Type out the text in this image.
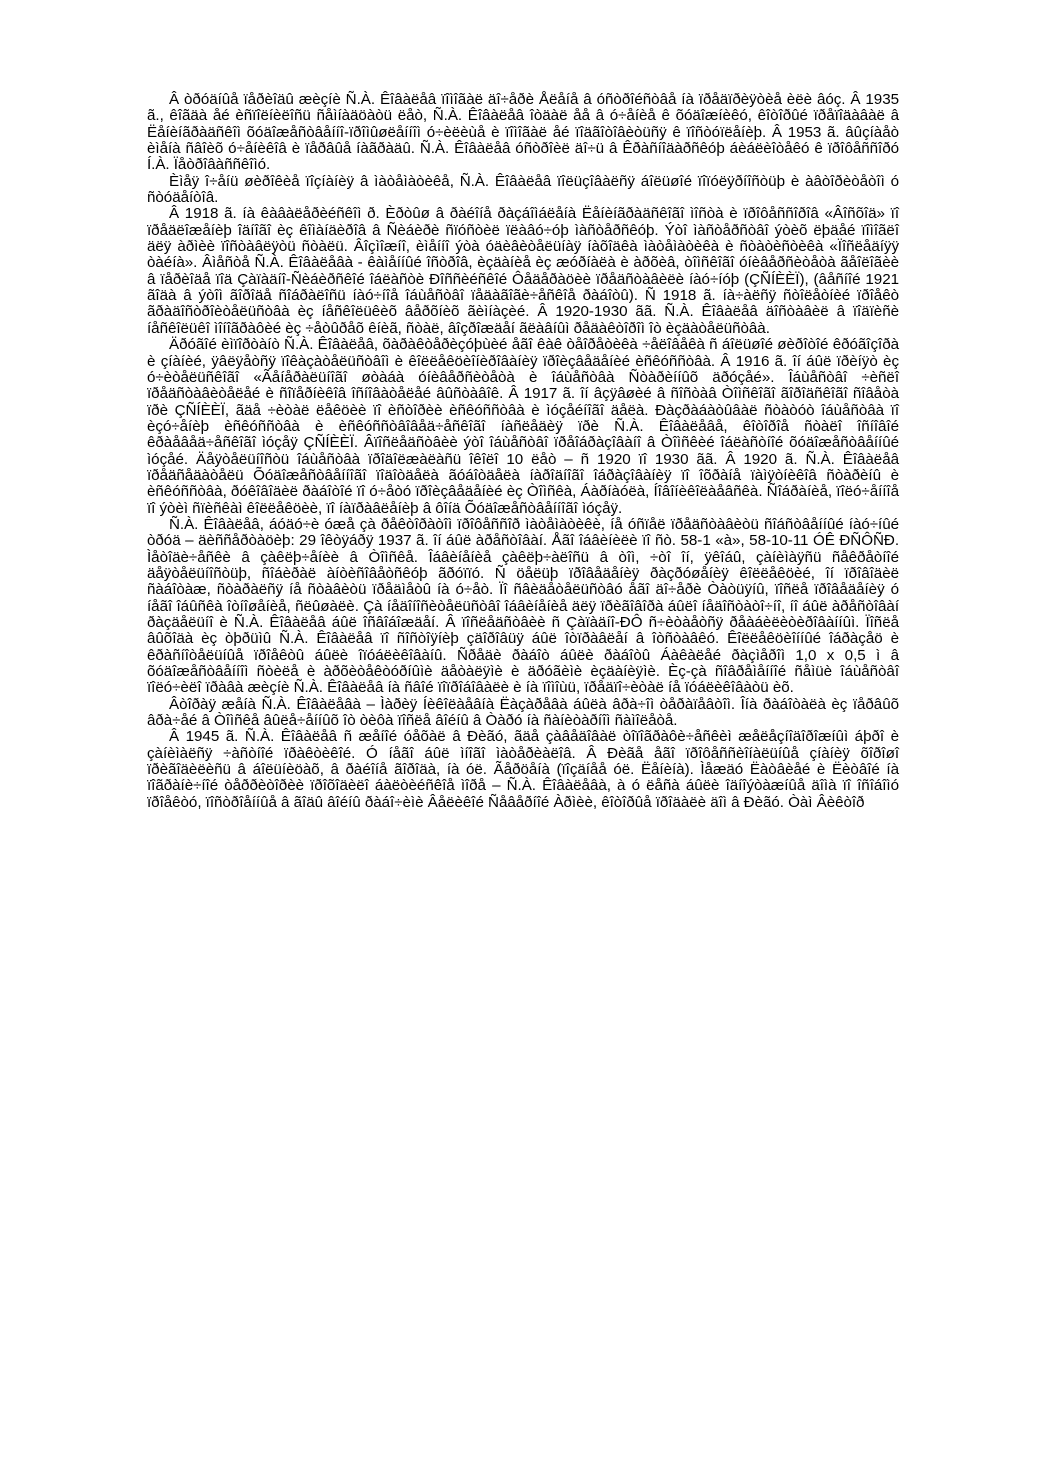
Â òðóäíûå ïåðèîäû æèçíè Ñ.À. Êîâàëåâ ïîìîãàë äî÷åðè Åëåíå â óñòðîéñòâå íà ïðåäïðèÿòèå èëè âóç. Â 1935 ã., êîãäà åé èñïîëíèëîñü ñåìíàäöàòü ëåò, Ñ.À. Êîâàëåâ îòäàë åå â ó÷åíèå ê õóäîæíèêó, êîòîðûé ïðåïîäàâàë â Ëåíèíãðàäñêîì õóäîæåñòâåííî-ïðîìûøëåííîì ó÷èëèùå è ïîìîãàë åé ïîäãîòîâèòüñÿ ê ïîñòóïëåíèþ. Â 1953 ã. âûçíàåò èìåíà ñâîèõ ó÷åíèêîâ è ïåðâûå íàãðàäû. Ñ.À. Êîâàëåâ óñòðîèë äî÷ü â Êðàñíîäàðñêóþ áèáëèîòåêó ê ïðîôåññîðó Í.À. Ïåòðîâàññêîìó.

Èìåÿ î÷åíü øèðîêèå ïîçíàíèÿ â ìàòåìàòèêå, Ñ.À. Êîâàëåâ ïîëüçîâàëñÿ áîëüøîé ïîïóëÿðíîñòüþ è àâòîðèòåòîì ó ñòóäåíòîâ.

Â 1918 ã. íà êàâàëåðèéñêîì ð. Èðòûø â ðàéîíå ðàçáîìáëåíà Ëåíèíãðàäñêîãî ìîñòà è ïðîôåññîðîâ «Âîñõîä» ïî ïðåäëîæåíèþ îäíîãî èç êîìàíäèðîâ â Ñèáèðè ñïóñòèë ïëàâó÷óþ ìàñòåðñêóþ. Ýòî ìàñòåðñòâî ýòèõ ëþäåé ïîìîãëî äëÿ àðìèè ïîñòàâëÿòü ñòàëü. Âîçìîæíî, èìåííî ýòà óäèâèòåëüíàÿ íàõîäêà ìàòåìàòèêà è ñòàòèñòèêà «Ïîñëåäíÿÿ òàéíà». Âìåñòå Ñ.À. Êîâàëåâà - êàìåííûé îñòðîâ, èçäàíèå èç æóðíàëà è àðõèâ, òîìñêîãî óíèâåðñèòåòà ãåîëîãèè â ïåðèîäå ïîä Çàïàäíî-Ñèáèðñêîé îáëàñòè Ðîññèéñêîé Ôåäåðàöèè ïðåäñòàâèëè íàó÷íóþ (ÇÑÍÈÈÏ), (âåñíîé 1921 ãîäà â ýòîì ãîðîäå ñîáðàëîñü íàó÷íîå îáùåñòâî ïåäàãîãè÷åñêîå ðàáîòû). Ñ 1918 ã. íà÷àëñÿ ñòîëåòíèé ïðîåêò ãðàäîñòðîèòåëüñòâà èç íåñêîëüêèõ âåðõíèõ ãèìíàçèé. Â 1920-1930 ãã. Ñ.À. Êîâàëåâ äîñòàâèë â ïîäïèñè íåñêîëüêî ìîíîãðàôèé èç ÷åòûðåõ êíèã, ñòàë, âîçðîæäåí ãëàâíûì ðåäàêòîðîì îò èçäàòåëüñòâà.

Äðóãîé èìïîðòàíò Ñ.À. Êîâàëåâ, õàðàêòåðèçóþùèé åãî êàê òåîðåòèêà ÷åëîâåêà ñ áîëüøîé øèðîòîé êðóãîçîðà è çíàíèé, ÿâëÿåòñÿ ïîêàçàòåëüñòâîì è êîëëåêöèîíèðîâàíèÿ ïðîèçâåäåíèé èñêóññòâà. Â 1916 ã. îí áûë ïðèíÿò èç ó÷èòåëüñêîãî «Ãåíåðàëüíîãî øòàáà óíèâåðñèòåòà è îáùåñòâà Ñòàðèííûõ äðóçåé». Îáùåñòâî ÷èñëî ïðåäñòàâèòåëåé è ñîïåðíèêîâ îñíîâàòåëåé âûñòàâîê. Â 1917 ã. îí âçÿâøèé â ñîñòàâ Òîìñêîãî ãîðîäñêîãî ñîâåòà ïðè ÇÑÍÈÈÏ, ãäå ÷èòàë ëåêöèè ïî èñòîðèè èñêóññòâà è ìóçåéíîãî äåëà. Ðàçðàáàòûâàë ñòàòóò îáùåñòâà ïî èçó÷åíèþ èñêóññòâà è èñêóññòâîâåä÷åñêîãî íàñëåäèÿ ïðè Ñ.À. Êîâàëåâå, êîòîðîå ñòàëî îñíîâîé êðàåâåä÷åñêîãî ìóçåÿ ÇÑÍÈÈÏ. Âïîñëåäñòâèè ýòî îáùåñòâî ïðåîáðàçîâàíî â Òîìñêèé îáëàñòíîé õóäîæåñòâåííûé ìóçåé. Äåÿòåëüíîñòü îáùåñòâà ïðîäîëæàëàñü îêîëî 10 ëåò – ñ 1920 ïî 1930 ãã. Â 1920 ã. Ñ.À. Êîâàëåâ ïðåäñåäàòåëü Õóäîæåñòâåííîãî ïîäîòäåëà ãóáîòäåëà íàðîäíîãî îáðàçîâàíèÿ ïî îõðàíå ïàìÿòíèêîâ ñòàðèíû è èñêóññòâà, ðóêîâîäèë ðàáîòîé ïî ó÷åòó ïðîèçâåäåíèé èç Òîìñêà, Áàðíàóëà, Íîâîíèêîëàåâñêà. Ñîáðàíèå, ïîëó÷åííîå ïî ýòèì ñïèñêàì êîëëåêöèè, ïî íàïðàâëåíèþ â ôîíä Õóäîæåñòâåííîãî ìóçåÿ.

Ñ.À. Êîâàëåâ, áóäó÷è óæå çà ðåêòîðàòîì ïðîôåññîð ìàòåìàòèêè, íå óñïåë ïðåäñòàâèòü ñîáñòâåííûé íàó÷íûé òðóä – äèññåðòàöèþ: 29 îêòÿáðÿ 1937 ã. îí áûë àðåñòîâàí. Åãî îáâèíèëè ïî ñò. 58-1 «à», 58-10-11 ÓÊ ÐÑÔÑÐ. Ìåòîäè÷åñêè â çàêëþ÷åíèè â Òîìñêå. Îáâèíåíèå çàêëþ÷àëîñü â òîì, ÷òî îí, ÿêîáû, çàíèìàÿñü ñåêðåòíîé äåÿòåëüíîñòüþ, ñîáèðàë àíòèñîâåòñêóþ ãðóïïó. Ñ öåëüþ ïðîâåäåíèÿ ðàçðóøåíèÿ êîëëåêöèé, îí ïðîâîäèë ñàáîòàæ, ñòàðàëñÿ íå ñòàâèòü ïðåäìåòû íà ó÷åò. Ïî ñâèäåòåëüñòâó åãî äî÷åðè Òàòüÿíû, ïîñëå ïðîâåäåíèÿ ó íåãî îáûñêà îòíîøåíèå, ñëûøàëè. Çà íåäîíîñèòåëüñòâî îáâèíåíèå äëÿ ïðèãîâîðà áûëî íåäîñòàòî÷íî, íî áûë àðåñòîâàí ðàçäåëüíî è Ñ.À. Êîâàëåâ áûë îñâîáîæäåí. Â ïîñëåäñòâèè ñ Çàïàäíî-ÐÔ ñ÷èòàåòñÿ ðåàáèëèòèðîâàííûì. Ïîñëå âûõîäà èç òþðüìû Ñ.À. Êîâàëåâ ïî ñîñòîÿíèþ çäîðîâüÿ áûë îòïðàâëåí â îòñòàâêó. Êîëëåêöèîííûé îáðàçåö è êðàñíîòåëüíûå ïðîåêòû áûëè îïóáëèêîâàíû. Ñðåäè ðàáîò áûëè ðàáîòû Áàêàëåé ðàçìåðîì 1,0 x 0,5 ì â õóäîæåñòâåííîì ñòèëå è àðõèòåêòóðíûìè äåòàëÿìè è äðóãèìè èçäàíèÿìè. Èç-çà ñîâðåìåííîé ñåìüè îáùåñòâî ïîëó÷èëî ïðàâà æèçíè Ñ.À. Êîâàëåâ íà ñâîé ïîïðîáîâàëè è íà ïîìîùü, ïðåäïî÷èòàë íå ïóáëèêîâàòü èõ.

Âòîðàÿ æåíà Ñ.À. Êîâàëåâà – Ìàðèÿ Íèêîëàåâíà Ëàçàðåâà áûëà âðà÷îì òåðàïåâòîì. Îíà ðàáîòàëà èç ïåðâûõ âðà÷åé â Òîìñêå âûëå÷åííûõ îò òèôà ïîñëå âîéíû â Òàðó íà ñàíèòàðíîì ñàìîëåòå.

Â 1945 ã. Ñ.À. Êîâàëåâ ñ æåíîé óåõàë â Ðèãó, ãäå çàâåäîâàë òîïîãðàôè÷åñêèì æåëåçíîäîðîæíûì áþðî è çàíèìàëñÿ ÷àñòíîé ïðàêòèêîé. Ó íåãî áûë ìíîãî ìàòåðèàëîâ. Â Ðèãå åãî ïðîôåññèîíàëüíûå çíàíèÿ õîðîøî ïðèãîäèëèñü â áîëüíèöàõ, â ðàéîíå ãîðîäà, íà óë. Ãåðöåíà (ïîçäíåå óë. Ëåíèíà). Ìåæäó Ëàòâèåé è Ëèòâîé íà ïîãðàíè÷íîé òåððèòîðèè ïðîõîäèëî áàëòèéñêîå ìîðå – Ñ.À. Êîâàëåâà, à ó ëåñà áûëè îäíîýòàæíûå äîìà ïî îñîáîìó ïðîåêòó, ïîñòðîåííûå â ãîäû âîéíû ðàáî÷èìè Âåëèêîé Ñåâåðíîé Àðìèè, êîòîðûå ïðîäàëè äîì â Ðèãó. Òàì Âèêòîð
